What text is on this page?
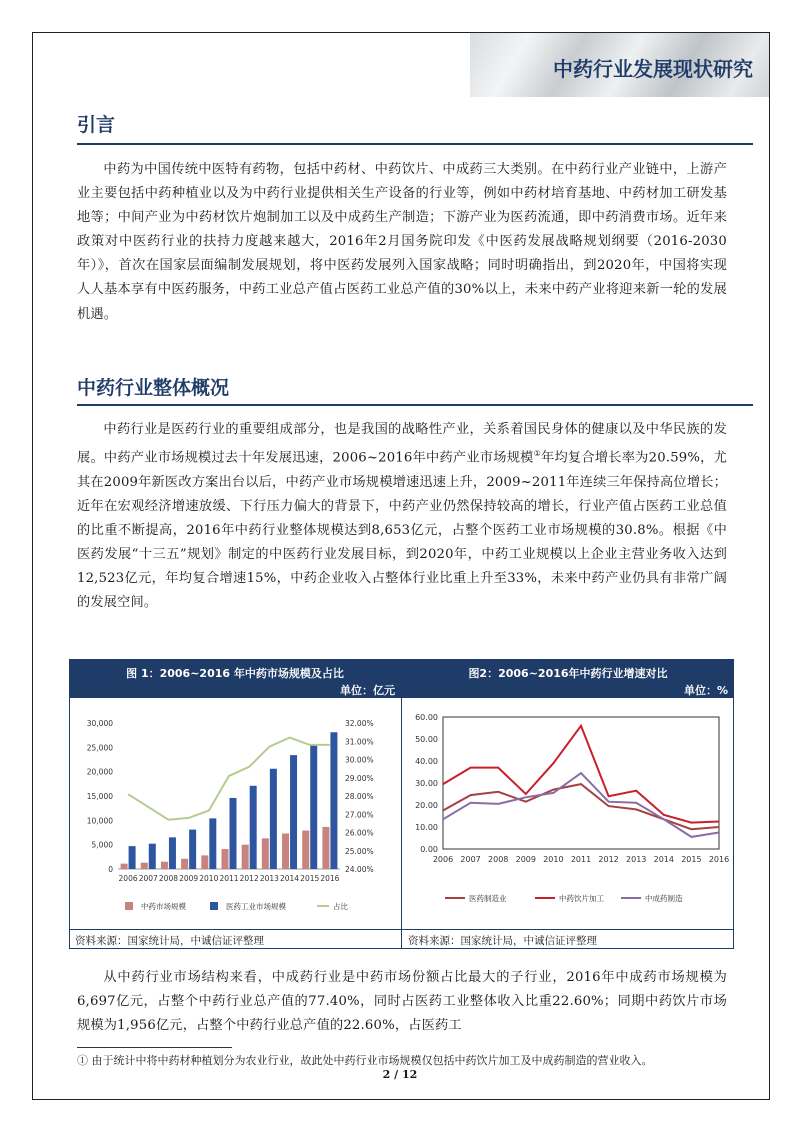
中药行业发展现状研究
引言
中药为中国传统中医特有药物，包括中药材、中药饮片、中成药三大类别。在中药行业产业链中，上游产业主要包括中药种植业以及为中药行业提供相关生产设备的行业等，例如中药材培育基地、中药材加工研发基地等；中间产业为中药材饮片炮制加工以及中成药生产制造；下游产业为医药流通，即中药消费市场。近年来政策对中医药行业的扶持力度越来越大，2016年2月国务院印发《中医药发展战略规划纲要（2016-2030年）》，首次在国家层面编制发展规划，将中医药发展列入国家战略；同时明确指出，到2020年，中国将实现人人基本享有中医药服务，中药工业总产值占医药工业总产值的30%以上，未来中药产业将迎来新一轮的发展机遇。
中药行业整体概况
中药行业是医药行业的重要组成部分，也是我国的战略性产业，关系着国民身体的健康以及中华民族的发展。中药产业市场规模过去十年发展迅速，2006~2016年中药产业市场规模①年均复合增长率为20.59%，尤其在2009年新医改方案出台以后，中药产业市场规模增速迅速上升，2009~2011年连续三年保持高位增长；近年在宏观经济增速放缓、下行压力偏大的背景下，中药产业仍然保持较高的增长，行业产值占医药工业总值的比重不断提高，2016年中药行业整体规模达到8,653亿元，占整个医药工业市场规模的30.8%。根据《中医药发展“十三五”规划》制定的中医药行业发展目标，到2020年，中药工业规模以上企业主营业务收入达到12,523亿元，年均复合增速15%，中药企业收入占整体行业比重上升至33%，未来中药产业仍具有非常广阔的发展空间。
图 1：2006~2016 年中药市场规模及占比
单位：亿元
图2：2006~2016年中药行业增速对比
单位：%
30,000
25,000
20,000
15,000
10,000
5,000
0
32.00%
31.00%
30.00%
29.00%
28.00%
27.00%
26.00%
25.00%
24.00%
2006 2007 2008 2009 2010 2011 2012 2013 2014 2015 2016
中药市场规模	医药工业市场规模	占比
60.00
50.00
40.00
30.00
20.00
10.00
0.00
2006 2007 2008 2009 2010 2011 2012 2013 2014 2015 2016
医药制造业	中药饮片加工	中成药制造
资料来源：国家统计局，中诚信证评整理	资料来源：国家统计局，中诚信证评整理
从中药行业市场结构来看，中成药行业是中药市场份额占比最大的子行业，2016年中成药市场规模为6,697亿元，占整个中药行业总产值的77.40%，同时占医药工业整体收入比重22.60%；同期中药饮片市场规模为1,956亿元，占整个中药行业总产值的22.60%，占医药工
① 由于统计中将中药材种植划分为农业行业，故此处中药行业市场规模仅包括中药饮片加工及中成药制造的营业收入。
2 / 12
